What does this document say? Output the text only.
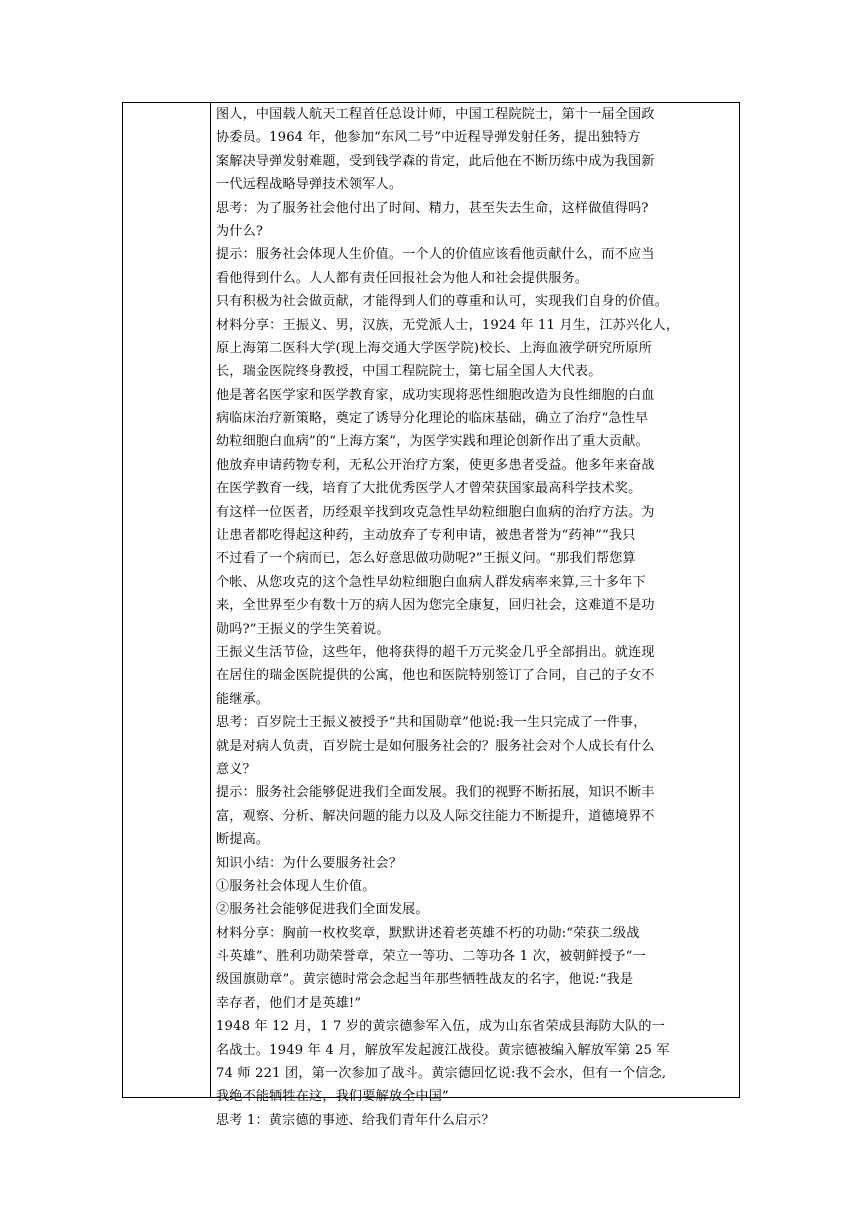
图人，中国载人航天工程首任总设计师，中国工程院院士，第十一届全国政
协委员。1964 年，他参加“东风二号”中近程导弹发射任务，提出独特方
案解决导弹发射难题，受到钱学森的肯定，此后他在不断历练中成为我国新
一代远程战略导弹技术领军人。
思考：为了服务社会他付出了时间、精力，甚至失去生命，这样做值得吗?
为什么?
提示：服务社会体现人生价值。一个人的价值应该看他贡献什么，而不应当
看他得到什么。人人都有责任回报社会为他人和社会提供服务。
只有积极为社会做贡献，才能得到人们的尊重和认可，实现我们自身的价值。
材料分享：王振义、男，汉族，无党派人士，1924 年 11 月生，江苏兴化人，
原上海第二医科大学(现上海交通大学医学院)校长、上海血液学研究所原所
长，瑞金医院终身教授，中国工程院院士，第七届全国人大代表。
他是著名医学家和医学教育家，成功实现将恶性细胞改造为良性细胞的白血
病临床治疗新策略，奠定了诱导分化理论的临床基础，确立了治疗“急性早
幼粒细胞白血病”的“上海方案”，为医学实践和理论创新作出了重大贡献。
他放弃申请药物专利，无私公开治疗方案，使更多患者受益。他多年来奋战
在医学教育一线，培育了大批优秀医学人才曾荣获国家最高科学技术奖。
有这样一位医者，历经艰辛找到攻克急性早幼粒细胞白血病的治疗方法。为
让患者都吃得起这种药，主动放弃了专利申请，被患者誉为“药神”“我只
不过看了一个病而已，怎么好意思做功勋呢?”王振义问。“那我们帮您算
个帐、从您攻克的这个急性早幼粒细胞白血病人群发病率来算,三十多年下
来，全世界至少有数十万的病人因为您完全康复，回归社会，这难道不是功
勋吗?”王振义的学生笑着说。
王振义生活节俭，这些年，他将获得的超千万元奖金几乎全部捐出。就连现
在居住的瑞金医院提供的公寓，他也和医院特别签订了合同，自己的子女不
能继承。
思考：百岁院士王振义被授予“共和国勋章”他说:我一生只完成了一件事，
就是对病人负责，百岁院士是如何服务社会的？服务社会对个人成长有什么
意义？
提示：服务社会能够促进我们全面发展。我们的视野不断拓展，知识不断丰
富，观察、分析、解决问题的能力以及人际交往能力不断提升，道德境界不
断提高。
知识小结：为什么要服务社会？
①服务社会体现人生价值。
②服务社会能够促进我们全面发展。
材料分享：胸前一枚枚奖章，默默讲述着老英雄不朽的功勋:“荣获二级战
斗英雄”、胜利功勋荣誉章，荣立一等功、二等功各 1 次，被朝鲜授予“一
级国旗勋章”。黄宗德时常会念起当年那些牺牲战友的名字，他说:“我是
幸存者，他们才是英雄!”
1948 年 12 月，1 7 岁的黄宗德参军入伍，成为山东省荣成县海防大队的一
名战士。1949 年 4 月，解放军发起渡江战役。黄宗德被编入解放军第 25 军
74 师 221 团，第一次参加了战斗。黄宗德回忆说:我不会水，但有一个信念,
我绝不能牺牲在这，我们要解放全中国”
思考 1：黄宗德的事迹、给我们青年什么启示？
